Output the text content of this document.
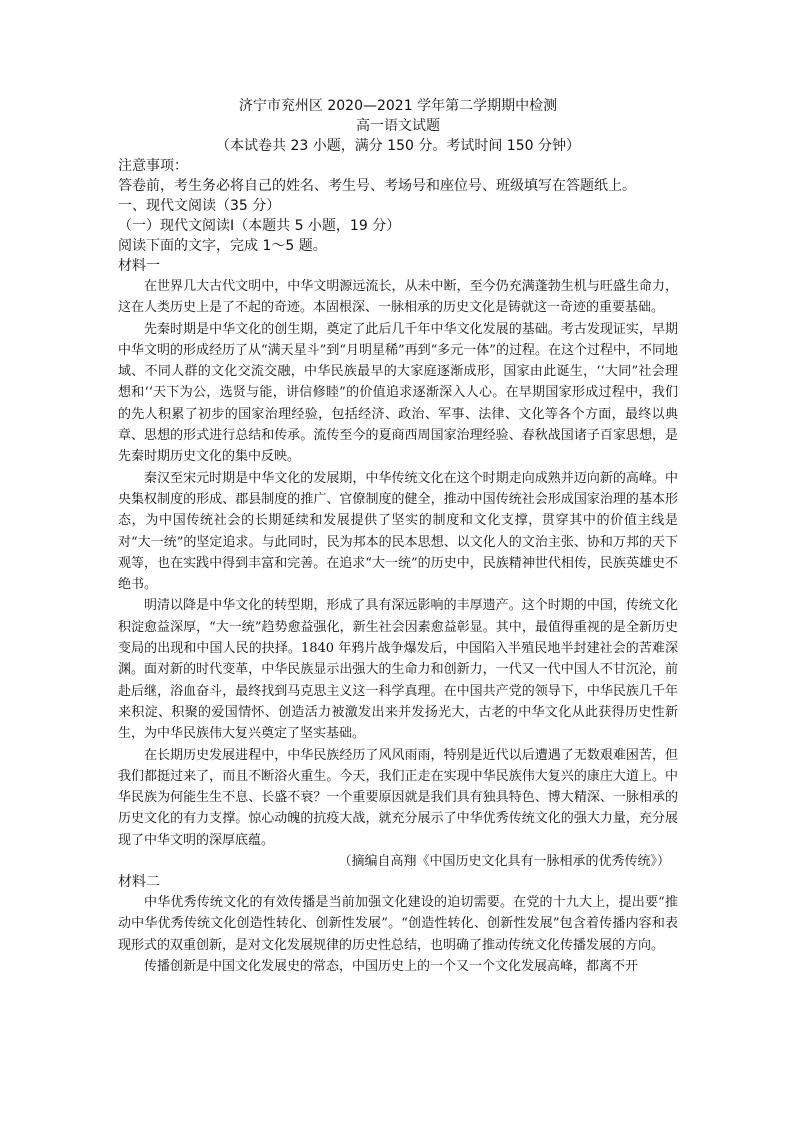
济宁市兖州区 2020—2021 学年第二学期期中检测
高一语文试题
（本试卷共 23 小题，满分 150 分。考试时间 150 分钟）
注意事项：
答卷前，考生务必将自己的姓名、考生号、考场号和座位号、班级填写在答题纸上。
一、现代文阅读（35 分）
（一）现代文阅读Ⅰ（本题共 5 小题，19 分）
阅读下面的文字，完成 1～5 题。
材料一

在世界几大古代文明中，中华文明源远流长，从未中断，至今仍充满蓬勃生机与旺盛生命力，这在人类历史上是了不起的奇迹。本固根深、一脉相承的历史文化是铸就这一奇迹的重要基础。

先秦时期是中华文化的创生期，奠定了此后几千年中华文化发展的基础。考古发现证实，早期中华文明的形成经历了从“满天星斗”到“月明星稀”再到“多元一体”的过程。在这个过程中，不同地域、不同人群的文化交流交融，中华民族最早的大家庭逐渐成形，国家由此诞生，‘‘大同”社会理想和‘‘天下为公，选贤与能，讲信修睦”的价值追求逐渐深入人心。在早期国家形成过程中，我们的先人积累了初步的国家治理经验，包括经济、政治、军事、法律、文化等各个方面，最终以典章、思想的形式进行总结和传承。流传至今的夏商西周国家治理经验、春秋战国诸子百家思想，是先秦时期历史文化的集中反映。

秦汉至宋元时期是中华文化的发展期，中华传统文化在这个时期走向成熟并迈向新的高峰。中央集权制度的形成、郡县制度的推广、官僚制度的健全，推动中国传统社会形成国家治理的基本形态，为中国传统社会的长期延续和发展提供了坚实的制度和文化支撑，贯穿其中的价值主线是对“大一统”的坚定追求。与此同时，民为邦本的民本思想、以文化人的文治主张、协和万邦的天下观等，也在实践中得到丰富和完善。在追求“大一统”的历史中，民族精神世代相传，民族英雄史不绝书。

明清以降是中华文化的转型期，形成了具有深远影响的丰厚遗产。这个时期的中国，传统文化积淀愈益深厚，“大一统”趋势愈益强化，新生社会因素愈益彰显。其中，最值得重视的是全新历史变局的出现和中国人民的抉择。1840 年鸦片战争爆发后，中国陷入半殖民地半封建社会的苦难深渊。面对新的时代变革，中华民族显示出强大的生命力和创新力，一代又一代中国人不甘沉沦，前赴后继，浴血奋斗，最终找到马克思主义这一科学真理。在中国共产党的领导下，中华民族几千年来积淀、积聚的爱国情怀、创造活力被激发出来并发扬光大，古老的中华文化从此获得历史性新生，为中华民族伟大复兴奠定了坚实基础。

在长期历史发展进程中，中华民族经历了风风雨雨，特别是近代以后遭遇了无数艰难困苦，但我们都挺过来了，而且不断浴火重生。今天，我们正走在实现中华民族伟大复兴的康庄大道上。中华民族为何能生生不息、长盛不衰？一个重要原因就是我们具有独具特色、博大精深、一脉相承的历史文化的有力支撑。惊心动魄的抗疫大战，就充分展示了中华优秀传统文化的强大力量，充分展现了中华文明的深厚底蕴。

（摘编自高翔《中国历史文化具有一脉相承的优秀传统》）
材料二

中华优秀传统文化的有效传播是当前加强文化建设的迫切需要。在党的十九大上，提出要“推动中华优秀传统文化创造性转化、创新性发展”。“创造性转化、创新性发展”包含着传播内容和表现形式的双重创新，是对文化发展规律的历史性总结，也明确了推动传统文化传播发展的方向。

传播创新是中国文化发展史的常态，中国历史上的一个又一个文化发展高峰，都离不开
